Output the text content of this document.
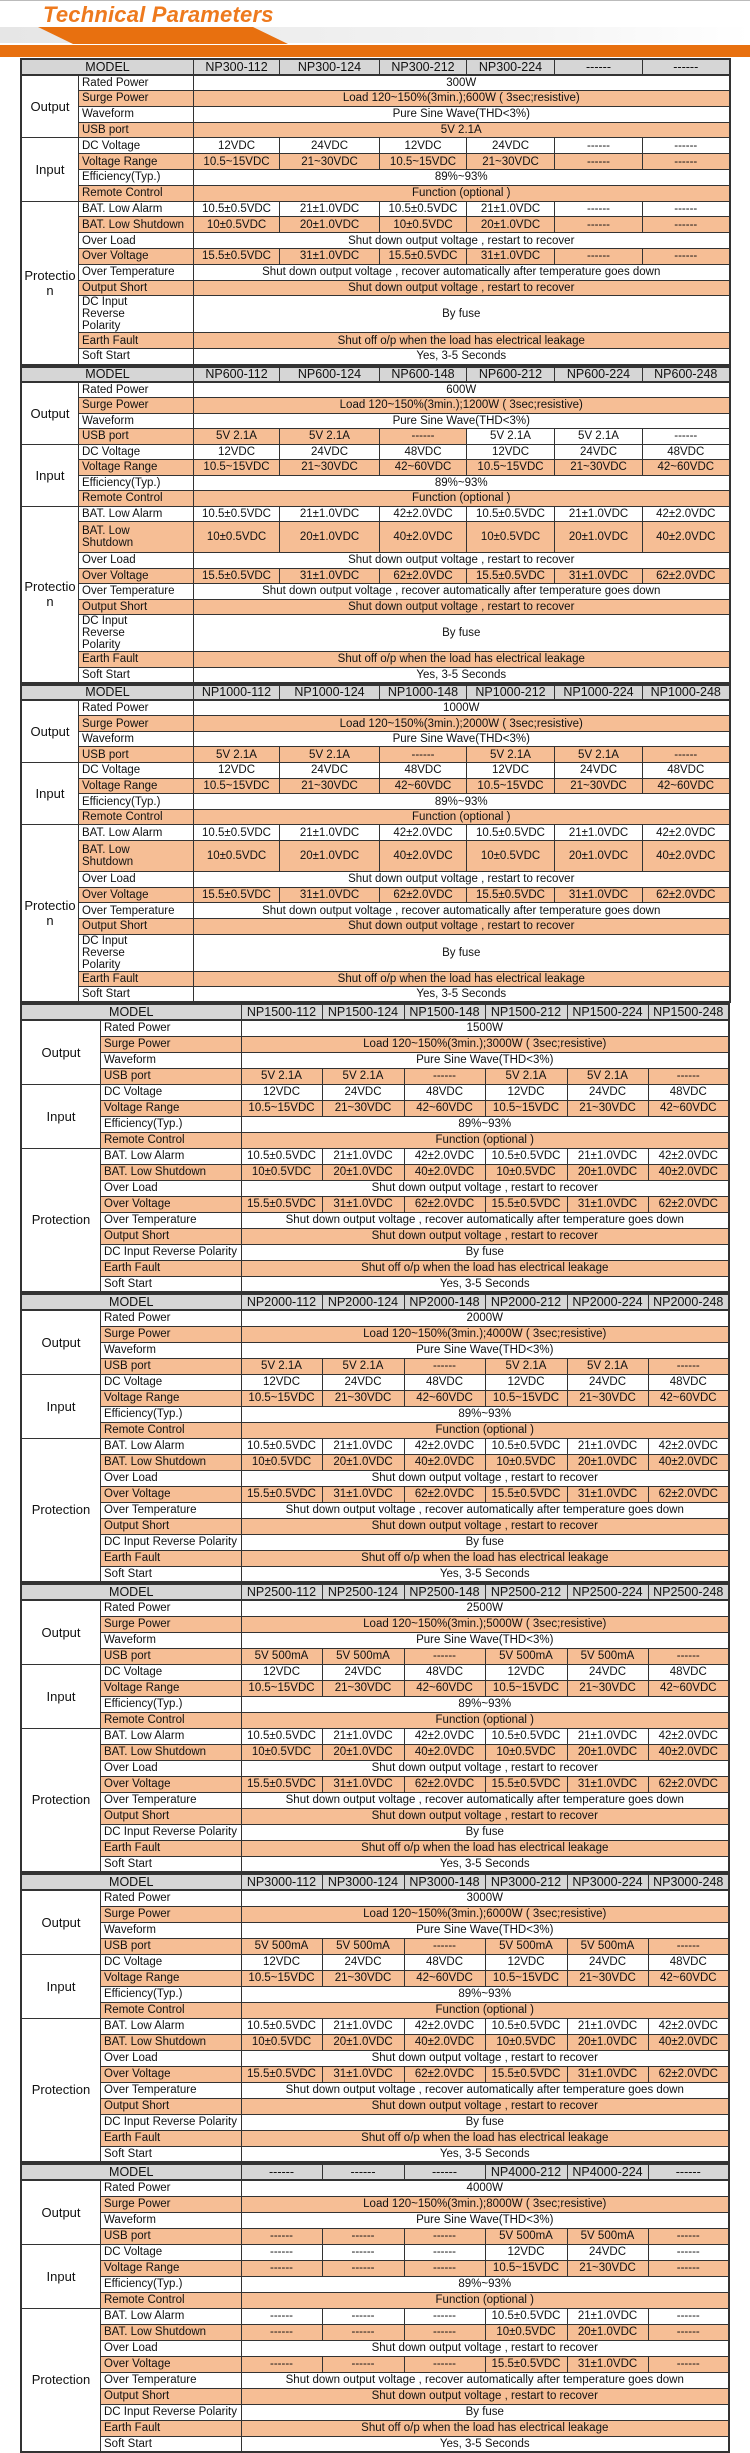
Technical Parameters
MODEL		NP300-112	NP300-124	NP300-212	NP300-224	------	------
Output	Rated Power	300W					
	Surge Power	Load 120~150%(3min.);600W ( 3sec;resistive)					
	Waveform	Pure Sine Wave(THD<3%)					
	USB port	5V 2.1A					
Input	DC Voltage	12VDC	24VDC	12VDC	24VDC	------	------
	Voltage Range	10.5~15VDC	21~30VDC	10.5~15VDC	21~30VDC	------	------
	Efficiency(Typ.)	89%~93%					
	Remote Control	Function (optional )					
Protection	BAT. Low Alarm	10.5±0.5VDC	21±1.0VDC	10.5±0.5VDC	21±1.0VDC	------	------
	BAT. Low Shutdown	10±0.5VDC	20±1.0VDC	10±0.5VDC	20±1.0VDC	------	------
	Over Load	Shut down output voltage , restart to recover					
	Over Voltage	15.5±0.5VDC	31±1.0VDC	15.5±0.5VDC	31±1.0VDC	------	------
	Over Temperature	Shut down output voltage , recover automatically after temperature goes down					
	Output Short	Shut down output voltage , restart to recover					
	DC Input Reverse Polarity	By fuse					
	Earth Fault	Shut off o/p when the load has electrical leakage					
	Soft Start	Yes, 3-5 Seconds					
MODEL		NP600-112	NP600-124	NP600-148	NP600-212	NP600-224	NP600-248
Output	Rated Power	600W					
	Surge Power	Load 120~150%(3min.);1200W ( 3sec;resistive)					
	Waveform	Pure Sine Wave(THD<3%)					
	USB port	5V 2.1A	5V 2.1A	------	5V 2.1A	5V 2.1A	------
Input	DC Voltage	12VDC	24VDC	48VDC	12VDC	24VDC	48VDC
	Voltage Range	10.5~15VDC	21~30VDC	42~60VDC	10.5~15VDC	21~30VDC	42~60VDC
	Efficiency(Typ.)	89%~93%					
	Remote Control	Function (optional )					
Protection	BAT. Low Alarm	10.5±0.5VDC	21±1.0VDC	42±2.0VDC	10.5±0.5VDC	21±1.0VDC	42±2.0VDC
	BAT. Low Shutdown	10±0.5VDC	20±1.0VDC	40±2.0VDC	10±0.5VDC	20±1.0VDC	40±2.0VDC
	Over Load	Shut down output voltage , restart to recover					
	Over Voltage	15.5±0.5VDC	31±1.0VDC	62±2.0VDC	15.5±0.5VDC	31±1.0VDC	62±2.0VDC
	Over Temperature	Shut down output voltage , recover automatically after temperature goes down					
	Output Short	Shut down output voltage , restart to recover					
	DC Input Reverse Polarity	By fuse					
	Earth Fault	Shut off o/p when the load has electrical leakage					
	Soft Start	Yes, 3-5 Seconds					
MODEL		NP1000-112	NP1000-124	NP1000-148	NP1000-212	NP1000-224	NP1000-248
Output	Rated Power	1000W					
	Surge Power	Load 120~150%(3min.);2000W ( 3sec;resistive)					
	Waveform	Pure Sine Wave(THD<3%)					
	USB port	5V 2.1A	5V 2.1A	------	5V 2.1A	5V 2.1A	------
Input	DC Voltage	12VDC	24VDC	48VDC	12VDC	24VDC	48VDC
	Voltage Range	10.5~15VDC	21~30VDC	42~60VDC	10.5~15VDC	21~30VDC	42~60VDC
	Efficiency(Typ.)	89%~93%					
	Remote Control	Function (optional )					
Protection	BAT. Low Alarm	10.5±0.5VDC	21±1.0VDC	42±2.0VDC	10.5±0.5VDC	21±1.0VDC	42±2.0VDC
	BAT. Low Shutdown	10±0.5VDC	20±1.0VDC	40±2.0VDC	10±0.5VDC	20±1.0VDC	40±2.0VDC
	Over Load	Shut down output voltage , restart to recover					
	Over Voltage	15.5±0.5VDC	31±1.0VDC	62±2.0VDC	15.5±0.5VDC	31±1.0VDC	62±2.0VDC
	Over Temperature	Shut down output voltage , recover automatically after temperature goes down					
	Output Short	Shut down output voltage , restart to recover					
	DC Input Reverse Polarity	By fuse					
	Earth Fault	Shut off o/p when the load has electrical leakage					
	Soft Start	Yes, 3-5 Seconds					
MODEL		NP1500-112	NP1500-124	NP1500-148	NP1500-212	NP1500-224	NP1500-248
Output	Rated Power	1500W					
	Surge Power	Load 120~150%(3min.);3000W ( 3sec;resistive)					
	Waveform	Pure Sine Wave(THD<3%)					
	USB port	5V 2.1A	5V 2.1A	------	5V 2.1A	5V 2.1A	------
Input	DC Voltage	12VDC	24VDC	48VDC	12VDC	24VDC	48VDC
	Voltage Range	10.5~15VDC	21~30VDC	42~60VDC	10.5~15VDC	21~30VDC	42~60VDC
	Efficiency(Typ.)	89%~93%					
	Remote Control	Function (optional )					
Protection	BAT. Low Alarm	10.5±0.5VDC	21±1.0VDC	42±2.0VDC	10.5±0.5VDC	21±1.0VDC	42±2.0VDC
	BAT. Low Shutdown	10±0.5VDC	20±1.0VDC	40±2.0VDC	10±0.5VDC	20±1.0VDC	40±2.0VDC
	Over Load	Shut down output voltage , restart to recover					
	Over Voltage	15.5±0.5VDC	31±1.0VDC	62±2.0VDC	15.5±0.5VDC	31±1.0VDC	62±2.0VDC
	Over Temperature	Shut down output voltage , recover automatically after temperature goes down					
	Output Short	Shut down output voltage , restart to recover					
	DC Input Reverse Polarity	By fuse					
	Earth Fault	Shut off o/p when the load has electrical leakage					
	Soft Start	Yes, 3-5 Seconds					
MODEL		NP2000-112	NP2000-124	NP2000-148	NP2000-212	NP2000-224	NP2000-248
Output	Rated Power	2000W					
	Surge Power	Load 120~150%(3min.);4000W ( 3sec;resistive)					
	Waveform	Pure Sine Wave(THD<3%)					
	USB port	5V 2.1A	5V 2.1A	------	5V 2.1A	5V 2.1A	------
Input	DC Voltage	12VDC	24VDC	48VDC	12VDC	24VDC	48VDC
	Voltage Range	10.5~15VDC	21~30VDC	42~60VDC	10.5~15VDC	21~30VDC	42~60VDC
	Efficiency(Typ.)	89%~93%					
	Remote Control	Function (optional )					
Protection	BAT. Low Alarm	10.5±0.5VDC	21±1.0VDC	42±2.0VDC	10.5±0.5VDC	21±1.0VDC	42±2.0VDC
	BAT. Low Shutdown	10±0.5VDC	20±1.0VDC	40±2.0VDC	10±0.5VDC	20±1.0VDC	40±2.0VDC
	Over Load	Shut down output voltage , restart to recover					
	Over Voltage	15.5±0.5VDC	31±1.0VDC	62±2.0VDC	15.5±0.5VDC	31±1.0VDC	62±2.0VDC
	Over Temperature	Shut down output voltage , recover automatically after temperature goes down					
	Output Short	Shut down output voltage , restart to recover					
	DC Input Reverse Polarity	By fuse					
	Earth Fault	Shut off o/p when the load has electrical leakage					
	Soft Start	Yes, 3-5 Seconds					
MODEL		NP2500-112	NP2500-124	NP2500-148	NP2500-212	NP2500-224	NP2500-248
Output	Rated Power	2500W					
	Surge Power	Load 120~150%(3min.);5000W ( 3sec;resistive)					
	Waveform	Pure Sine Wave(THD<3%)					
	USB port	5V 500mA	5V 500mA	------	5V 500mA	5V 500mA	------
Input	DC Voltage	12VDC	24VDC	48VDC	12VDC	24VDC	48VDC
	Voltage Range	10.5~15VDC	21~30VDC	42~60VDC	10.5~15VDC	21~30VDC	42~60VDC
	Efficiency(Typ.)	89%~93%					
	Remote Control	Function (optional )					
Protection	BAT. Low Alarm	10.5±0.5VDC	21±1.0VDC	42±2.0VDC	10.5±0.5VDC	21±1.0VDC	42±2.0VDC
	BAT. Low Shutdown	10±0.5VDC	20±1.0VDC	40±2.0VDC	10±0.5VDC	20±1.0VDC	40±2.0VDC
	Over Load	Shut down output voltage , restart to recover					
	Over Voltage	15.5±0.5VDC	31±1.0VDC	62±2.0VDC	15.5±0.5VDC	31±1.0VDC	62±2.0VDC
	Over Temperature	Shut down output voltage , recover automatically after temperature goes down					
	Output Short	Shut down output voltage , restart to recover					
	DC Input Reverse Polarity	By fuse					
	Earth Fault	Shut off o/p when the load has electrical leakage					
	Soft Start	Yes, 3-5 Seconds					
MODEL		NP3000-112	NP3000-124	NP3000-148	NP3000-212	NP3000-224	NP3000-248
Output	Rated Power	3000W					
	Surge Power	Load 120~150%(3min.);6000W ( 3sec;resistive)					
	Waveform	Pure Sine Wave(THD<3%)					
	USB port	5V 500mA	5V 500mA	------	5V 500mA	5V 500mA	------
Input	DC Voltage	12VDC	24VDC	48VDC	12VDC	24VDC	48VDC
	Voltage Range	10.5~15VDC	21~30VDC	42~60VDC	10.5~15VDC	21~30VDC	42~60VDC
	Efficiency(Typ.)	89%~93%					
	Remote Control	Function (optional )					
Protection	BAT. Low Alarm	10.5±0.5VDC	21±1.0VDC	42±2.0VDC	10.5±0.5VDC	21±1.0VDC	42±2.0VDC
	BAT. Low Shutdown	10±0.5VDC	20±1.0VDC	40±2.0VDC	10±0.5VDC	20±1.0VDC	40±2.0VDC
	Over Load	Shut down output voltage , restart to recover					
	Over Voltage	15.5±0.5VDC	31±1.0VDC	62±2.0VDC	15.5±0.5VDC	31±1.0VDC	62±2.0VDC
	Over Temperature	Shut down output voltage , recover automatically after temperature goes down					
	Output Short	Shut down output voltage , restart to recover					
	DC Input Reverse Polarity	By fuse					
	Earth Fault	Shut off o/p when the load has electrical leakage					
	Soft Start	Yes, 3-5 Seconds					
MODEL		------	------	------	NP4000-212	NP4000-224	------
Output	Rated Power	4000W					
	Surge Power	Load 120~150%(3min.);8000W ( 3sec;resistive)					
	Waveform	Pure Sine Wave(THD<3%)					
	USB port	------	------	------	5V 500mA	5V 500mA	------
Input	DC Voltage	------	------	------	12VDC	24VDC	------
	Voltage Range	------	------	------	10.5~15VDC	21~30VDC	------
	Efficiency(Typ.)	89%~93%					
	Remote Control	Function (optional )					
Protection	BAT. Low Alarm	------	------	------	10.5±0.5VDC	21±1.0VDC	------
	BAT. Low Shutdown	------	------	------	10±0.5VDC	20±1.0VDC	------
	Over Load	Shut down output voltage , restart to recover					
	Over Voltage	------	------	------	15.5±0.5VDC	31±1.0VDC	------
	Over Temperature	Shut down output voltage , recover automatically after temperature goes down					
	Output Short	Shut down output voltage , restart to recover					
	DC Input Reverse Polarity	By fuse					
	Earth Fault	Shut off o/p when the load has electrical leakage					
	Soft Start	Yes, 3-5 Seconds					
